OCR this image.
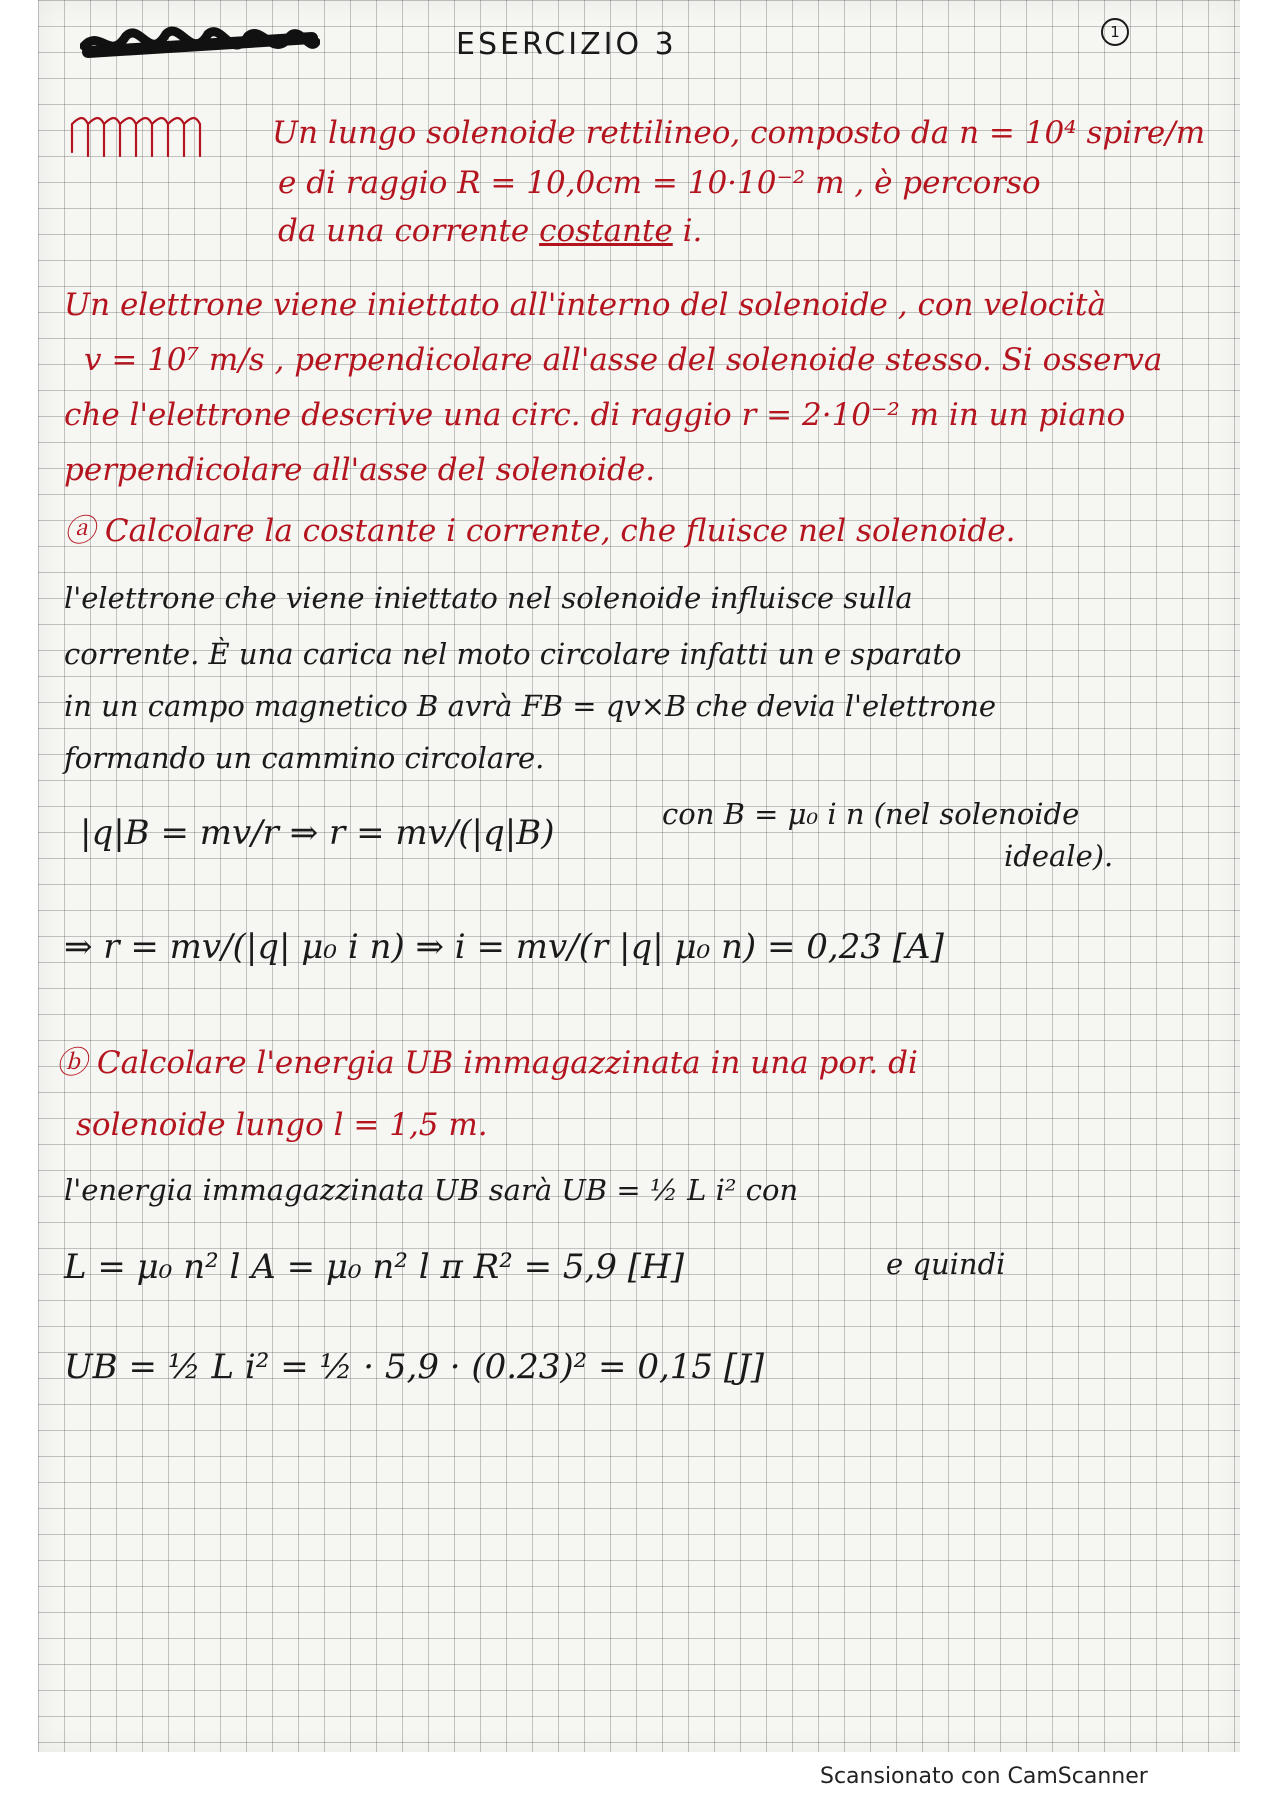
ESERCIZIO 3	1
Un lungo solenoide rettilineo, composto da n = 10⁴ spire/m
e di raggio R = 10,0cm = 10·10⁻² m , è percorso
da una corrente costante i.
Un elettrone viene iniettato all'interno del solenoide , con velocità
v = 10⁷ m/s , perpendicolare all'asse del solenoide stesso. Si osserva
che l'elettrone descrive una circ. di raggio r = 2·10⁻² m in un piano
perpendicolare all'asse del solenoide.
ⓐ Calcolare la costante i corrente, che fluisce nel solenoide.
l'elettrone che viene iniettato nel solenoide influisce sulla
corrente. È una carica nel moto circolare infatti un e sparato
in un campo magnetico B avrà FB = qv×B che devia l'elettrone
formando un cammino circolare.
|q|B = mv/r ⇒ r = mv/(|q|B)	con B = μ₀ i n (nel solenoide
ideale).
⇒ r = mv/(|q| μ₀ i n) ⇒ i = mv/(r |q| μ₀ n) = 0,23 [A]
ⓑ Calcolare l'energia UB immagazzinata in una por. di
solenoide lungo l = 1,5 m.
l'energia immagazzinata UB sarà UB = ½ L i² con
L = μ₀ n² l A = μ₀ n² l π R² = 5,9 [H]	e quindi
UB = ½ L i² = ½ · 5,9 · (0.23)² = 0,15 [J]
Scansionato con CamScanner
